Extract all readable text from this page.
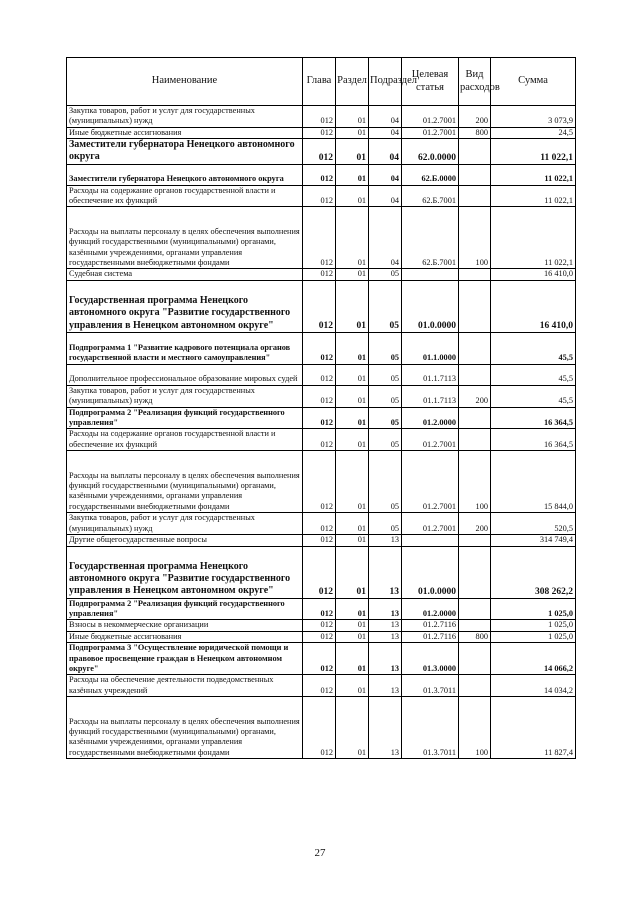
Наименование	Глава	Раздел	Подраздел	Целевая статья	Вид расходов	Сумма
Закупка товаров, работ и услуг для государственных (муниципальных) нужд	012	01	04	01.2.7001	200	3 073,9
Иные бюджетные ассигнования	012	01	04	01.2.7001	800	24,5
Заместители губернатора Ненецкого автономного округа	012	01	04	62.0.0000		11 022,1
Заместители губернатора Ненецкого автономного округа	012	01	04	62.Б.0000		11 022,1
Расходы на содержание органов государственной власти и обеспечение их функций	012	01	04	62.Б.7001		11 022,1
Расходы на выплаты персоналу в целях обеспечения выполнения функций государственными (муниципальными) органами, казёнными учреждениями, органами управления государственными внебюджетными фондами	012	01	04	62.Б.7001	100	11 022,1
Судебная система	012	01	05			16 410,0
Государственная программа Ненецкого автономного округа "Развитие государственного управления в Ненецком автономном округе"	012	01	05	01.0.0000		16 410,0
Подпрограмма 1 "Развитие кадрового потенциала органов государственной власти и местного самоуправления"	012	01	05	01.1.0000		45,5
Дополнительное профессиональное образование мировых судей	012	01	05	01.1.7113		45,5
Закупка товаров, работ и услуг для государственных (муниципальных) нужд	012	01	05	01.1.7113	200	45,5
Подпрограмма 2 "Реализация функций государственного управления"	012	01	05	01.2.0000		16 364,5
Расходы на содержание органов государственной власти и обеспечение их функций	012	01	05	01.2.7001		16 364,5
Расходы на выплаты персоналу в целях обеспечения выполнения функций государственными (муниципальными) органами, казёнными учреждениями, органами управления государственными внебюджетными фондами	012	01	05	01.2.7001	100	15 844,0
Закупка товаров, работ и услуг для государственных (муниципальных) нужд	012	01	05	01.2.7001	200	520,5
Другие общегосударственные вопросы	012	01	13			314 749,4
Государственная программа Ненецкого автономного округа "Развитие государственного управления в Ненецком автономном округе"	012	01	13	01.0.0000		308 262,2
Подпрограмма 2 "Реализация функций государственного управления"	012	01	13	01.2.0000		1 025,0
Взносы в некоммерческие организации	012	01	13	01.2.7116		1 025,0
Иные бюджетные ассигнования	012	01	13	01.2.7116	800	1 025,0
Подпрограмма 3 "Осуществление юридической помощи и правовое просвещение граждан в Ненецком автономном округе"	012	01	13	01.3.0000		14 066,2
Расходы на обеспечение деятельности подведомственных казённых учреждений	012	01	13	01.3.7011		14 034,2
Расходы на выплаты персоналу в целях обеспечения выполнения функций государственными (муниципальными) органами, казёнными учреждениями, органами управления государственными внебюджетными фондами	012	01	13	01.3.7011	100	11 827,4
27
